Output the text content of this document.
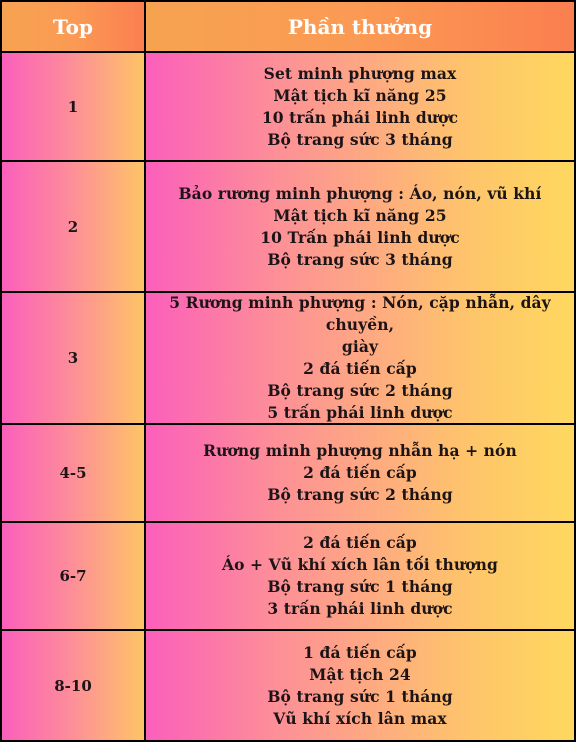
Top	Phần thưởng
1
Set minh phượng max
Mật tịch kĩ năng 25
10 trấn phái linh dược
Bộ trang sức 3 tháng
2
Bảo rương minh phượng : Áo, nón, vũ khí
Mật tịch kĩ năng 25
10 Trấn phái linh dược
Bộ trang sức 3 tháng
3
5 Rương minh phượng : Nón, cặp nhẫn, dây chuyền,
giày
2 đá tiến cấp
Bộ trang sức 2 tháng
5 trấn phái linh dược
4-5
Rương minh phượng nhẫn hạ + nón
2 đá tiến cấp
Bộ trang sức 2 tháng
6-7
2 đá tiến cấp
Áo + Vũ khí xích lân tối thượng
Bộ trang sức 1 tháng
3 trấn phái linh dược
8-10
1 đá tiến cấp
Mật tịch 24
Bộ trang sức 1 tháng
Vũ khí xích lân max
